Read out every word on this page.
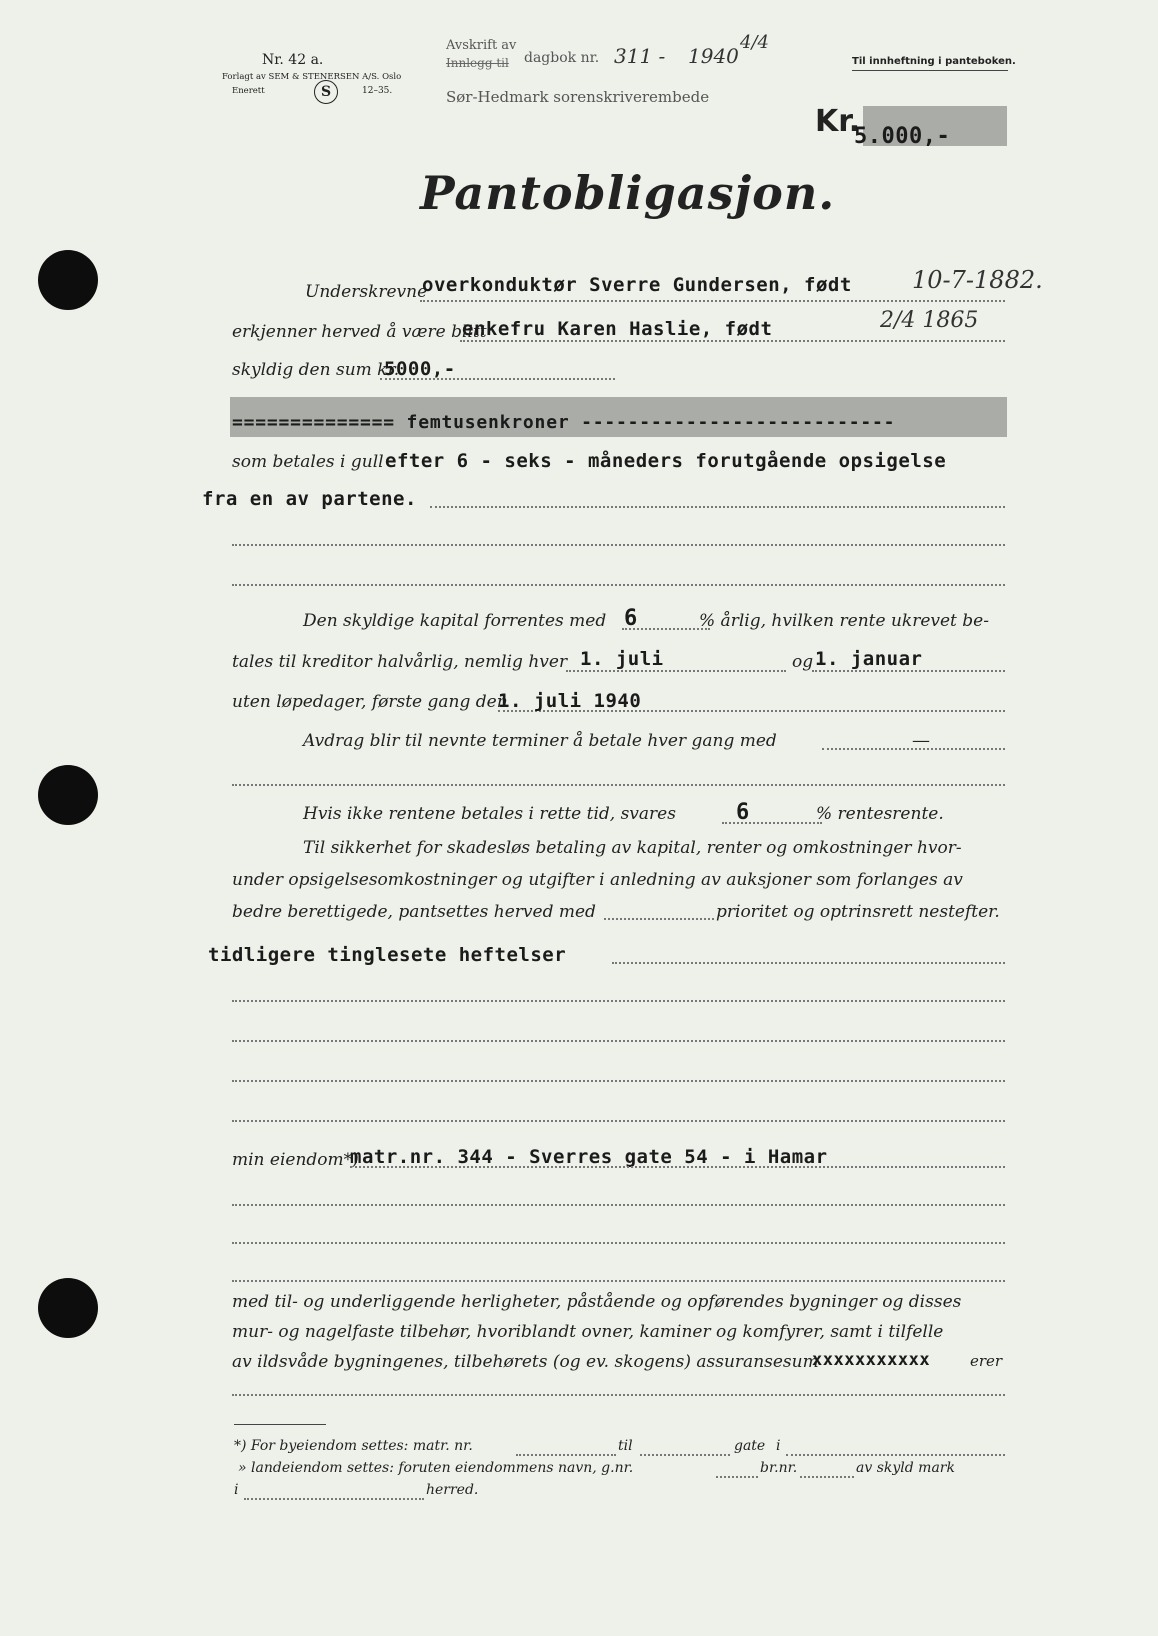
Nr. 42 a.
Forlagt av SEM & STENERSEN A/S. Oslo
Enerett	S	12–35.
Avskrift av
Innlegg til dagbok nr. 311 - 1940
4/4
Sør-Hedmark sorenskriverembede
Til innheftning i panteboken.
Kr.
5.000,-
Pantobligasjon.
Underskrevne
overkonduktør Sverre Gundersen, født	10-7-1882.
erkjenner herved å være blitt
enkefru Karen Haslie, født	2/4 1865
skyldig den sum kr.
5000,-
============== femtusenkroner ---------------------------
som betales i gull efter 6 - seks - måneders forutgående opsigelse
fra en av partene.
Den skyldige kapital forrentes med 6	% årlig, hvilken rente ukrevet be-
tales til kreditor halvårlig, nemlig hver 1. juli	og 1. januar
uten løpedager, første gang den
1. juli 1940
Avdrag blir til nevnte terminer å betale hver gang med	—
Hvis ikke rentene betales i rette tid, svares	6	% rentesrente.
Til sikkerhet for skadesløs betaling av kapital, renter og omkostninger hvor-
under opsigelsesomkostninger og utgifter i anledning av auksjoner som forlanges av
bedre berettigede, pantsettes herved med	prioritet og optrinsrett nestefter.
tidligere tinglesete heftelser
min eiendom*)
matr.nr. 344 - Sverres gate 54 - i Hamar
med til- og underliggende herligheter, påstående og opførendes bygninger og disses
mur- og nagelfaste tilbehør, hvoriblandt ovner, kaminer og komfyrer, samt i tilfelle
av ildsvåde bygningenes, tilbehørets (og ev. skogens) assuransesum
xxxxxxxxxxx	erer
*) For byeiendom settes: matr. nr.	til	gate i
» landeiendom settes: foruten eiendommens navn, g.nr.	br.nr.	av skyld mark
i	herred.
